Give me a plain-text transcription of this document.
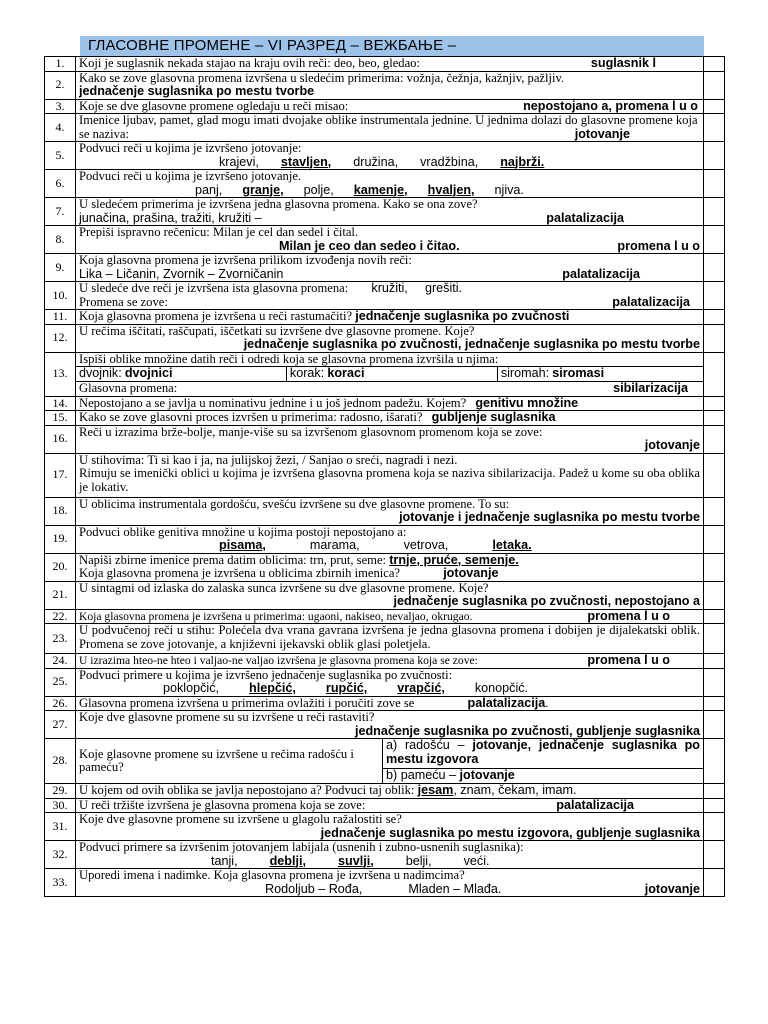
ГЛАСОВНЕ ПРОМЕНЕ – VI РАЗРЕД – ВЕЖБАЊЕ –
1.	Koji je suglasnik nekada stajao na kraju ovih reči: deo, beo, gledao:	suglasnik l

2.	Kako se zove glasovna promena izvršena u sledećim primerima: vožnja, čežnja, kažnjiv, pažljiv.
jednačenje suglasnika po mestu tvorbe

3.	Koje se dve glasovne promene ogledaju u reči misao:	nepostojano a, promena l u o

4.	Imenice ljubav, pamet, glad mogu imati dvojake oblike instrumentala jednine. U jednima dolazi do glasovne promene koja se naziva:	jotovanje

5.	Podvuci reči u kojima je izvršeno jotovanje:
krajevi, stavljen, družina, vradžbina, najbrži.

6.	Podvuci reči u kojima je izvršeno jotovanje.
panj, granje, polje, kamenje, hvaljen, njiva.

7.	U sledećem primerima je izvršena jedna glasovna promena. Kako se ona zove?
junačina, prašina, tražiti, kružiti –	palatalizacija

8.	Prepiši ispravno rečenicu: Milan je cel dan sedel i čital.
Milan je ceo dan sedeo i čitao.	promena l u o

9.	Koja glasovna promena je izvršena prilikom izvođenja novih reči:
Lika – Ličanin, Zvornik – Zvorničanin	palatalizacija

10.	U sledeće dve reči je izvršena ista glasovna promena: kružiti, grešiti.
Promena se zove:	palatalizacija

11.	Koja glasovna promena je izvršena u reči rastumačiti? jednačenje suglasnika po zvučnosti	
12.	U rečima iščitati, raščupati, iščetkati su izvršene dve glasovne promene. Koje?
jednačenje suglasnika po zvučnosti, jednačenje suglasnika po mestu tvorbe

13.	
Ispiši oblike množine datih reči i odredi koja se glasovna promena izvršila u njima:
dvojnik: dvojnici	korak: koraci	siromah: siromasi

Glasovna promena:	sibilarizacija

14.	Nepostojano a se javlja u nominativu jednine i u još jednom padežu. Kojem? genitivu množine	
15.	Kako se zove glasovni proces izvršen u primerima: radosno, išarati? gubljenje suglasnika	
16.	Reči u izrazima brže-bolje, manje-više su sa izvršenom glasovnom promenom koja se zove:
jotovanje

17.	
U stihovima: Ti si kao i ja, na julijskoj žezi, / Sanjao o sreći, nagradi i nezi.
Rimuju se imenički oblici u kojima je izvršena glasovna promena koja se naziva sibilarizacija. Padež u kome su oba oblika je lokativ.

18.	U oblicima instrumentala gordošću, svešću izvršene su dve glasovne promene. To su:
jotovanje i jednačenje suglasnika po mestu tvorbe

19.	Podvuci oblike genitiva množine u kojima postoji nepostojano a:
pisama,	marama,	vetrova,	letaka.

20.	Napiši zbirne imenice prema datim oblicima: trn, prut, seme: trnje, pruće, semenje.
Koja glasovna promena je izvršena u oblicima zbirnih imenica?	jotovanje

21.	U sintagmi od izlaska do zalaska sunca izvršene su dve glasovne promene. Koje?
jednačenje suglasnika po zvučnosti, nepostojano a

22.	Koja glasovna promena je izvršena u primerima: ugaoni, nakiseo, nevaljao, okrugao.	promena l u o

23.	
U podvučenoj reči u stihu: Polećela dva vrana gavrana izvršena je jedna glasovna promena i dobijen je dijalekatski oblik. Promena se zove jotovanje, a književni ijekavski oblik glasi poletjela.

24.	U izrazima hteo-ne hteo i valjao-ne valjao izvršena je glasovna promena koja se zove:	promena l u o

25.	Podvuci primere u kojima je izvršeno jednačenje suglasnika po zvučnosti:
poklopčić, hlepčić, rupčić, vrapčić, konopčić.

26.	Glasovna promena izvršena u primerima ovlažiti i poručiti zove se	palatalizacija.	
27.	Koje dve glasovne promene su su izvršene u reči rastaviti?
jednačenje suglasnika po zvučnosti, gubljenje suglasnika

28.	Koje glasovne promene su izvršene u rečima radošću i pameću?	a) radošću – jotovanje, jednačenje suglasnika po mestu izgovora
b) pameću – jotovanje

29.	U kojem od ovih oblika se javlja nepostojano a? Podvuci taj oblik: jesam, znam, čekam, imam.	
30.	U reči tržište izvršena je glasovna promena koja se zove:	palatalizacija

31.	Koje dve glasovne promene su izvršene u glagolu ražalostiti se?
jednačenje suglasnika po mestu izgovora, gubljenje suglasnika

32.	Podvuci primere sa izvršenim jotovanjem labijala (usnenih i zubno-usnenih suglasnika):
tanji,	deblji,	suvlji,	belji,	veći.

33.	Uporedi imena i nadimke. Koja glasovna promena je izvršena u nadimcima?
Rodoljub – Rođa,	Mladen – Mlađa.	jotovanje
